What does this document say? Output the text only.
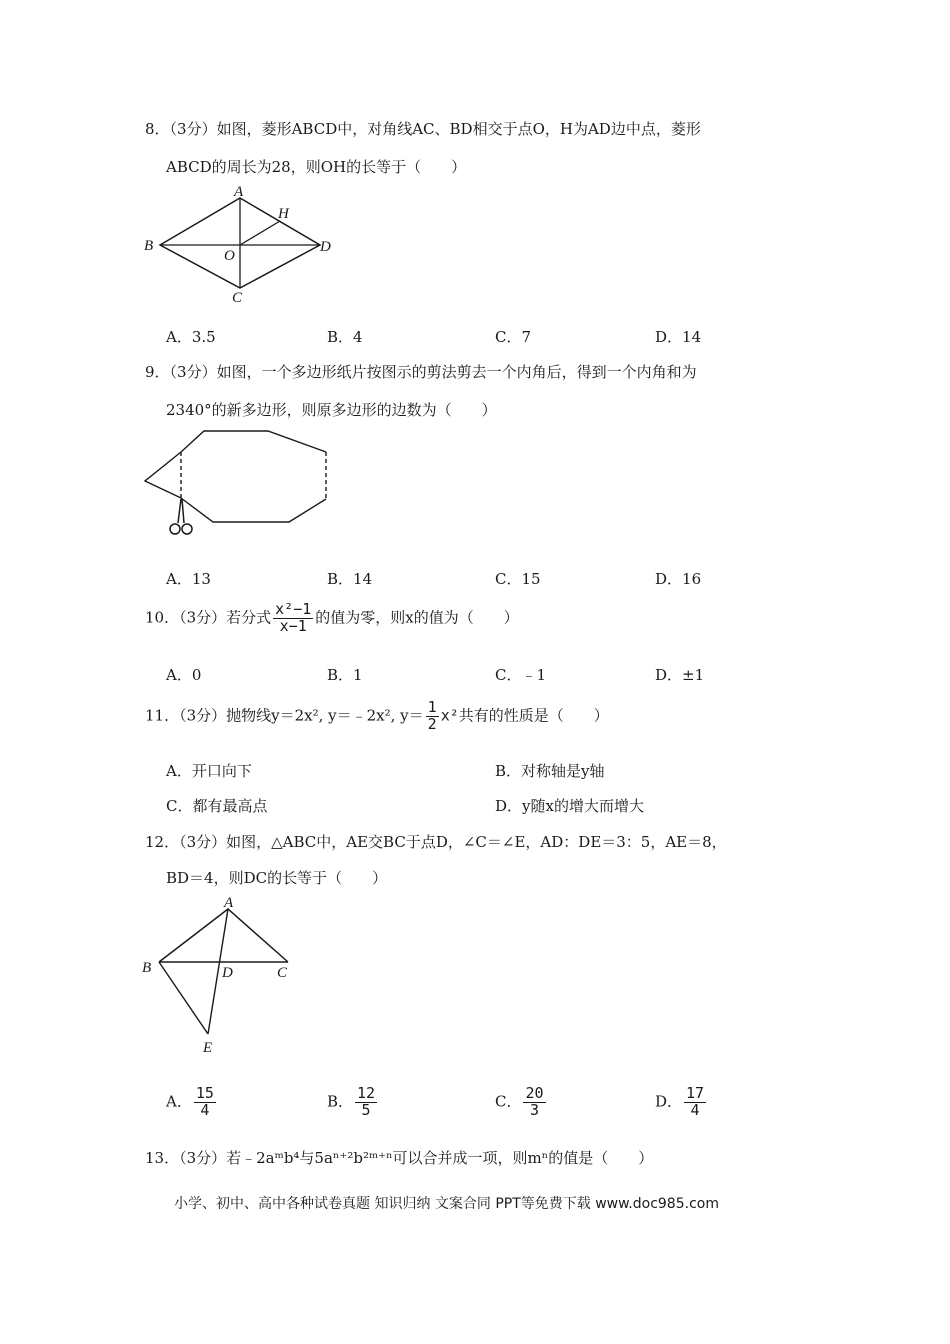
8．（3分）如图，菱形ABCD中，对角线AC、BD相交于点O，H为AD边中点，菱形
ABCD的周长为28，则OH的长等于（　　）
A
B
C
D
O
H
A．3.5	B．4	C．7	D．14
9．（3分）如图，一个多边形纸片按图示的剪法剪去一个内角后，得到一个内角和为
2340°的新多边形，则原多边形的边数为（　　）
A．13	B．14	C．15	D．16
10．（3分）若分式 $\frac{\text{x²−1}}{x-1}$ 的值为零，则x的值为（　　）
A．0	B．1	C．﹣1	D．±1
11．（3分）抛物线y＝2x², y＝﹣2x², $y= \frac{1}{2} x^2$共有的性质是（　　）
A．开口向下	B．对称轴是y轴
C．都有最高点	D．y随x的增大而增大
12．（3分）如图，△ABC中，AE交BC于点D，∠C＝∠E，AD：DE＝3：5，AE＝8，
BD＝4，则DC的长等于（　　）
A
B	C
D
E
A． $\frac{15}{4}$	B． $\frac{12}{5}$	C． $\frac{20}{3}$	D． $\frac{17}{4}$
13．（3分）若﹣2aᵐb⁴与5aⁿ⁺²b²ᵐ⁺ⁿ可以合并成一项，则mⁿ的值是（　　）
小学、初中、高中各种试卷真题 知识归纳 文案合同 PPT等免费下载 www.doc985.com
